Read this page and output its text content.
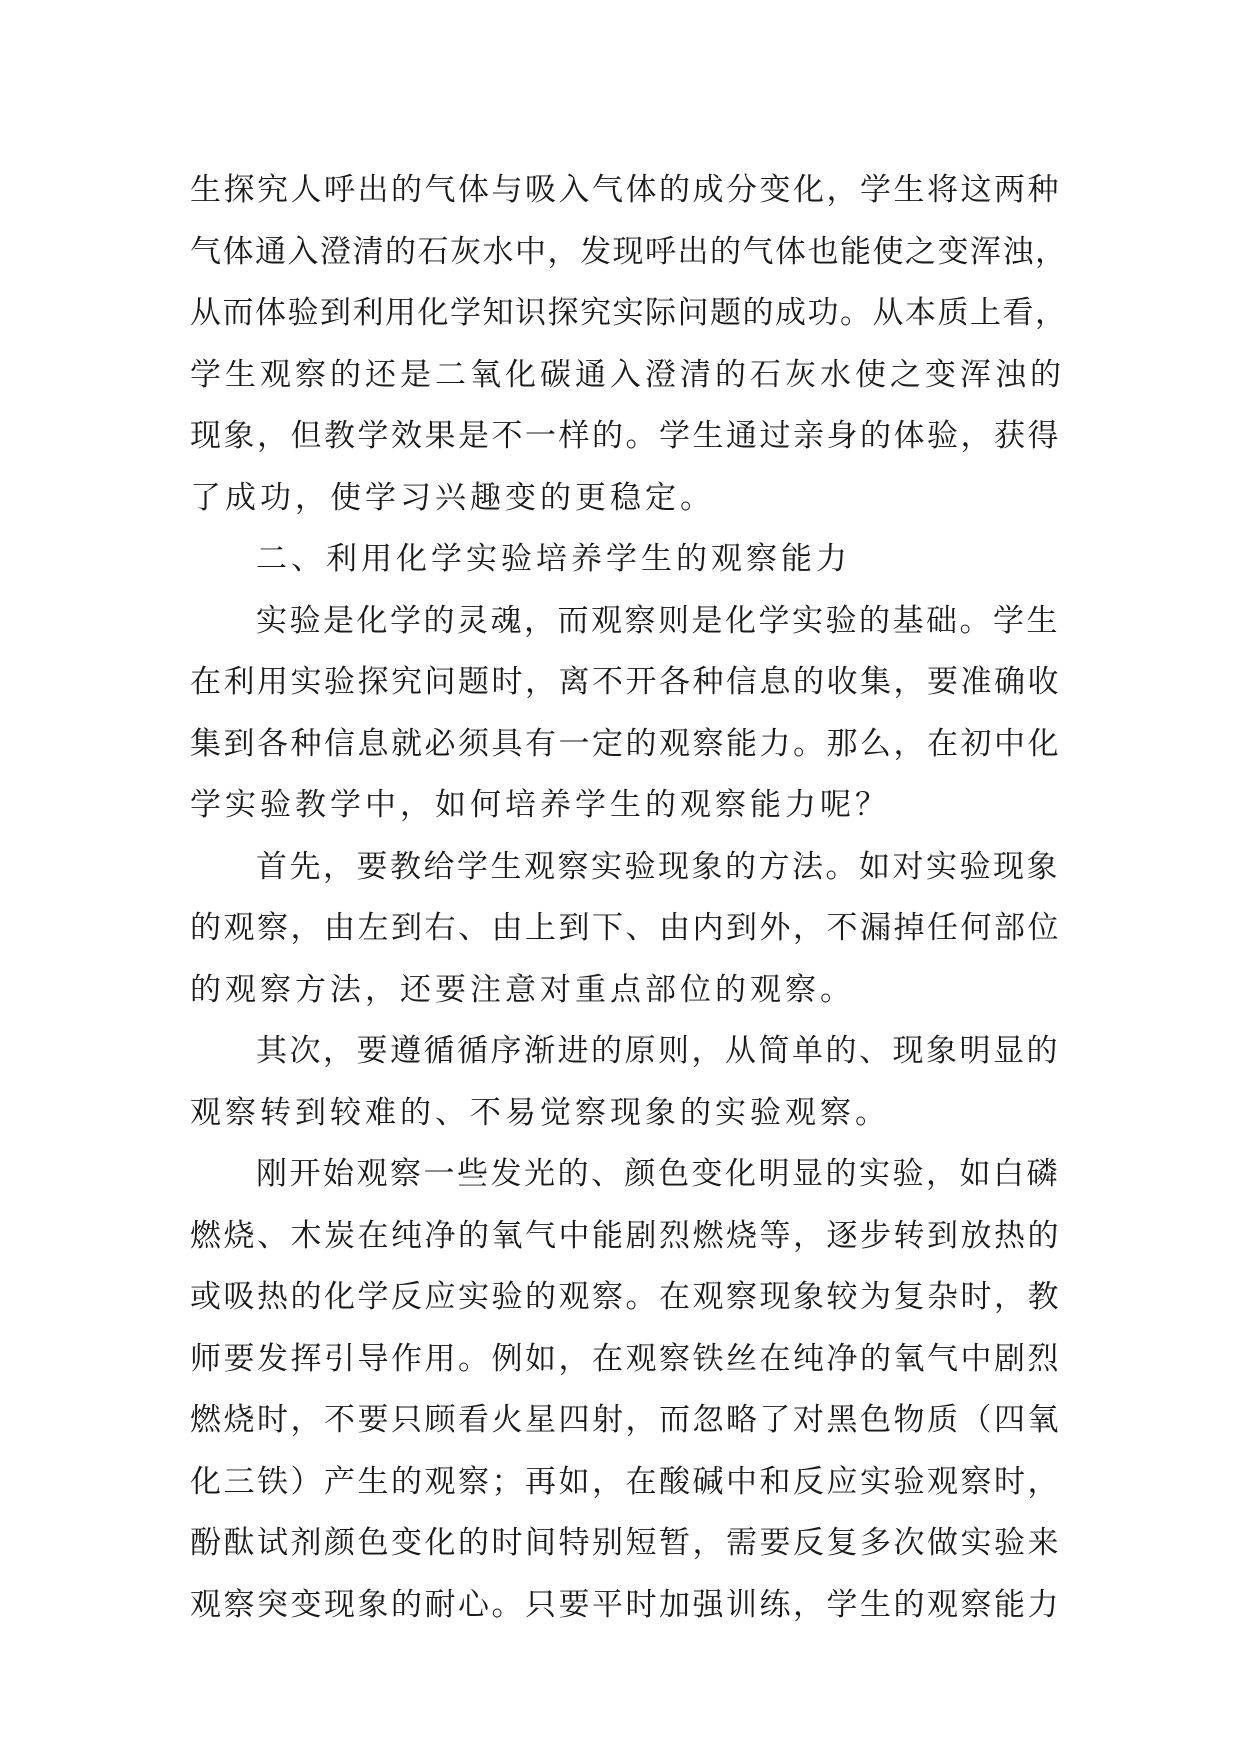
生探究人呼出的气体与吸入气体的成分变化，学生将这两种
气体通入澄清的石灰水中，发现呼出的气体也能使之变浑浊，
从而体验到利用化学知识探究实际问题的成功。从本质上看，
学生观察的还是二氧化碳通入澄清的石灰水使之变浑浊的
现象，但教学效果是不一样的。学生通过亲身的体验，获得
了成功，使学习兴趣变的更稳定。
二、利用化学实验培养学生的观察能力
实验是化学的灵魂，而观察则是化学实验的基础。学生
在利用实验探究问题时，离不开各种信息的收集，要准确收
集到各种信息就必须具有一定的观察能力。那么，在初中化
学实验教学中，如何培养学生的观察能力呢？
首先，要教给学生观察实验现象的方法。如对实验现象
的观察，由左到右、由上到下、由内到外，不漏掉任何部位
的观察方法，还要注意对重点部位的观察。
其次，要遵循循序渐进的原则，从简单的、现象明显的
观察转到较难的、不易觉察现象的实验观察。
刚开始观察一些发光的、颜色变化明显的实验，如白磷
燃烧、木炭在纯净的氧气中能剧烈燃烧等，逐步转到放热的
或吸热的化学反应实验的观察。在观察现象较为复杂时，教
师要发挥引导作用。例如，在观察铁丝在纯净的氧气中剧烈
燃烧时，不要只顾看火星四射，而忽略了对黑色物质（四氧
化三铁）产生的观察；再如，在酸碱中和反应实验观察时，
酚酞试剂颜色变化的时间特别短暂，需要反复多次做实验来
观察突变现象的耐心。只要平时加强训练，学生的观察能力
